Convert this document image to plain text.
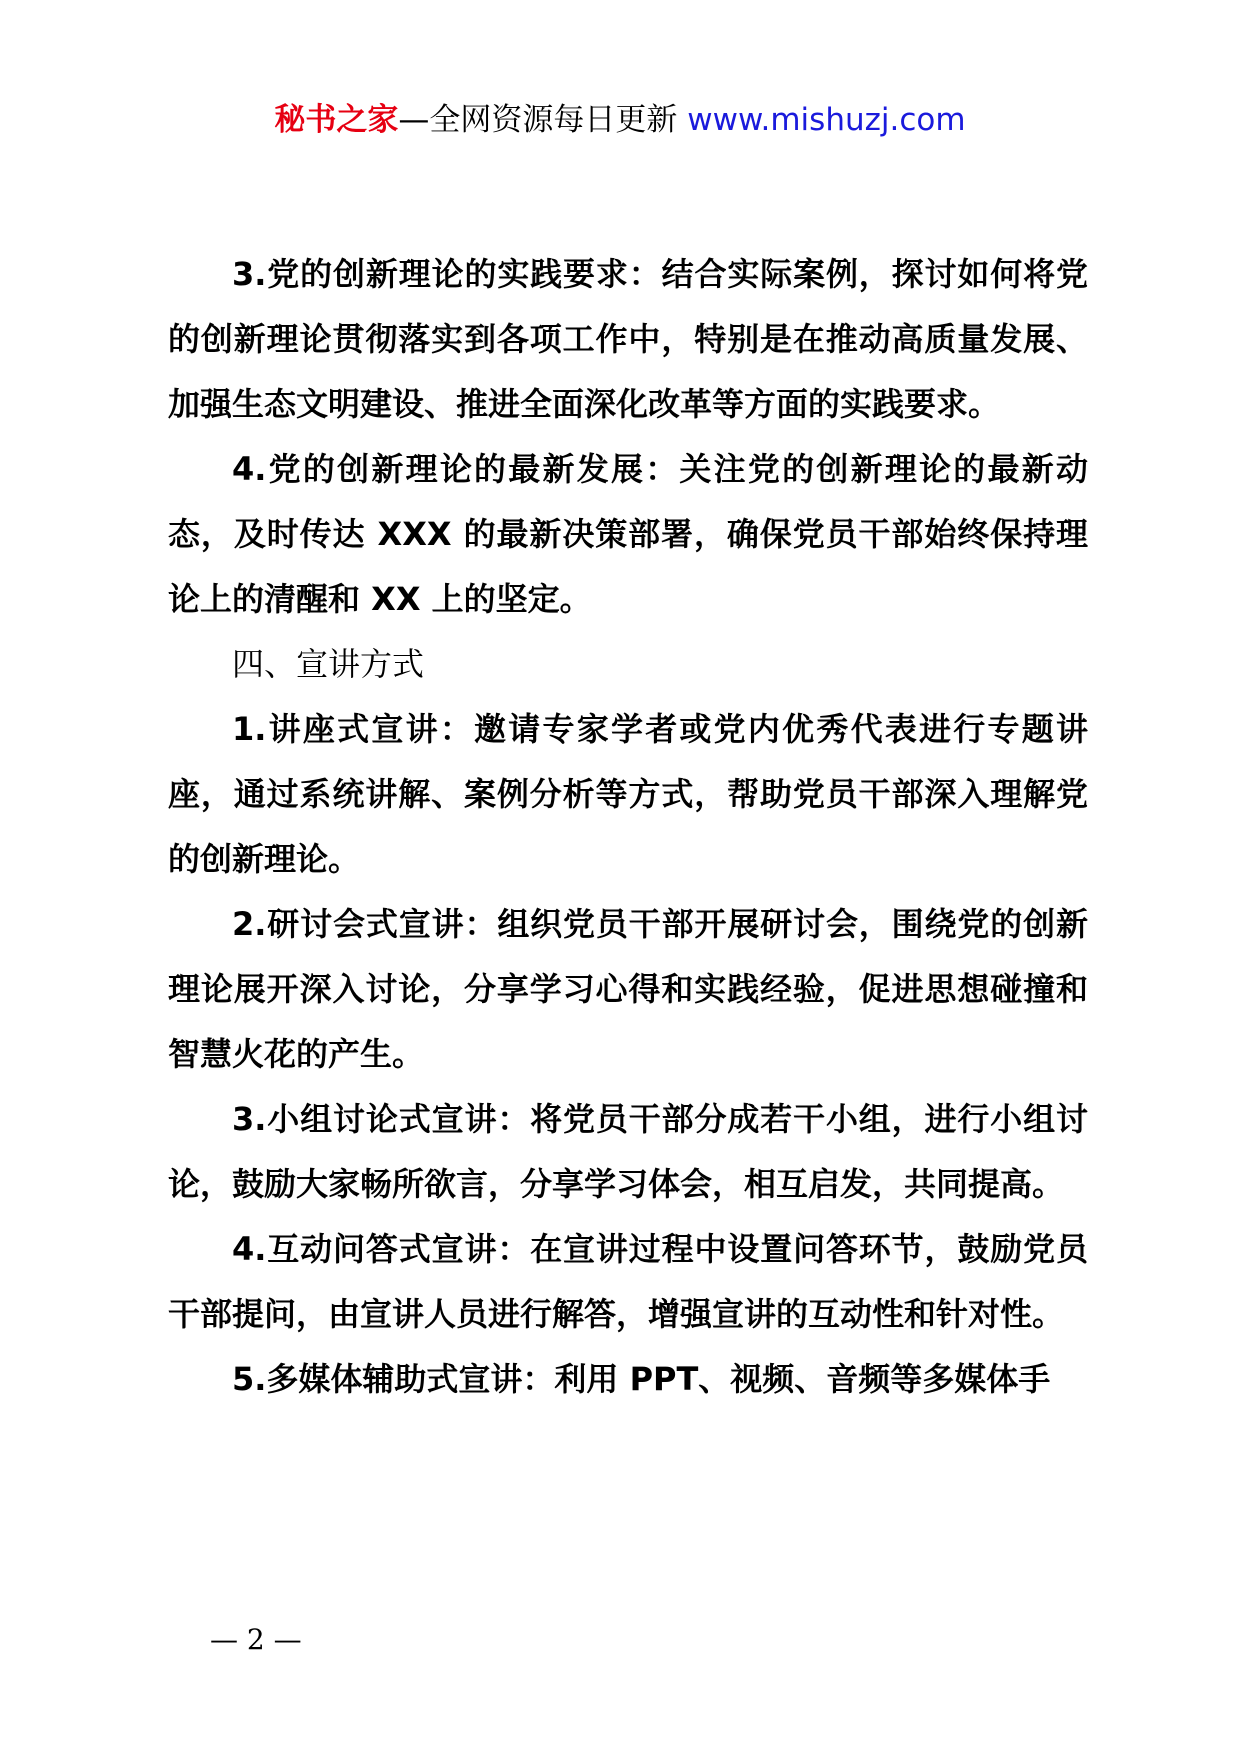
秘书之家—全网资源每日更新 www.mishuzj.com

3.党的创新理论的实践要求：结合实际案例，探讨如何将党的创新理论贯彻落实到各项工作中，特别是在推动高质量发展、加强生态文明建设、推进全面深化改革等方面的实践要求。

4.党的创新理论的最新发展：关注党的创新理论的最新动态，及时传达 XXX 的最新决策部署，确保党员干部始终保持理论上的清醒和 XX 上的坚定。

四、宣讲方式

1.讲座式宣讲：邀请专家学者或党内优秀代表进行专题讲座，通过系统讲解、案例分析等方式，帮助党员干部深入理解党的创新理论。

2.研讨会式宣讲：组织党员干部开展研讨会，围绕党的创新理论展开深入讨论，分享学习心得和实践经验，促进思想碰撞和智慧火花的产生。

3.小组讨论式宣讲：将党员干部分成若干小组，进行小组讨论，鼓励大家畅所欲言，分享学习体会，相互启发，共同提高。

4.互动问答式宣讲：在宣讲过程中设置问答环节，鼓励党员干部提问，由宣讲人员进行解答，增强宣讲的互动性和针对性。

5.多媒体辅助式宣讲：利用 PPT、视频、音频等多媒体手

— 2 —
